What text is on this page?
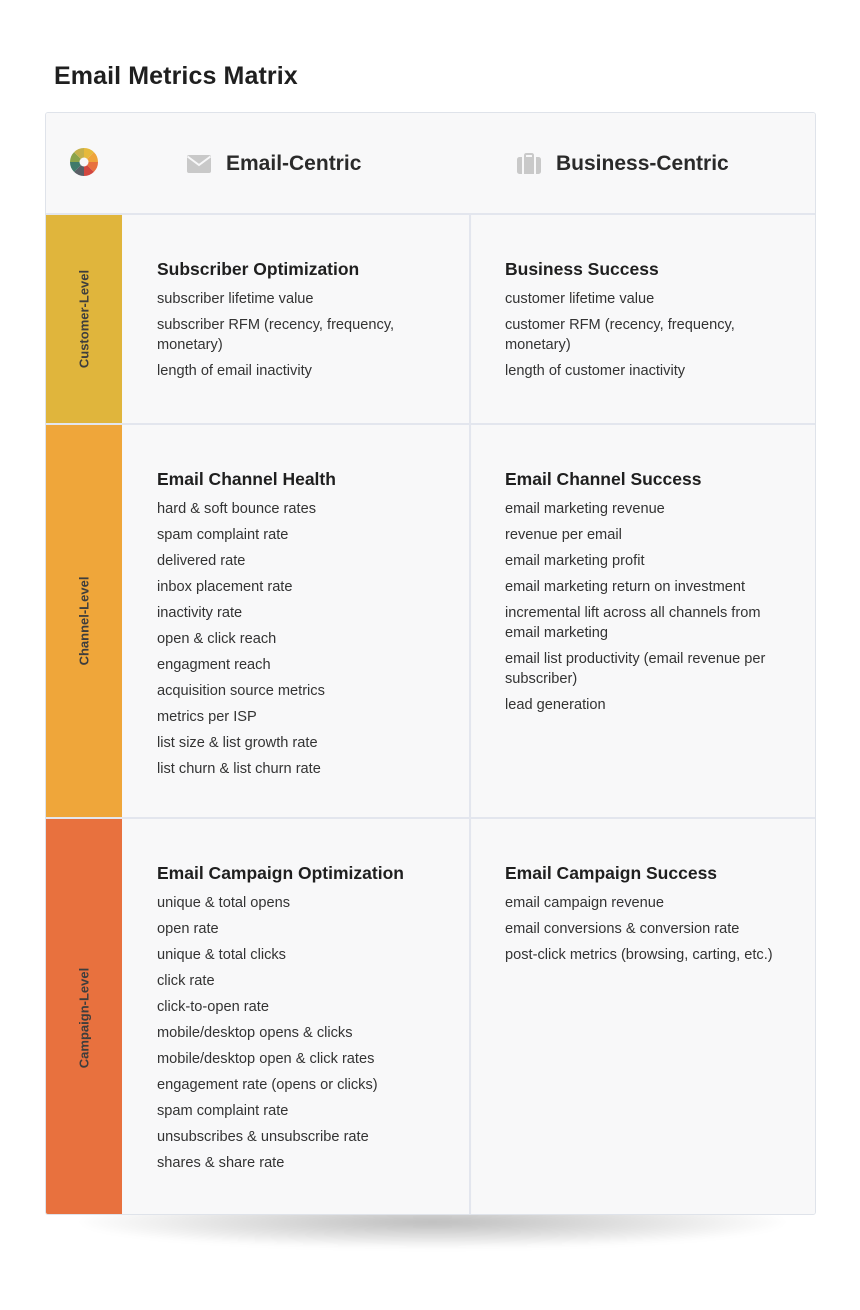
Email Metrics Matrix
Email-Centric	Business-Centric
Customer-Level
Subscriber Optimization
subscriber lifetime value
subscriber RFM (recency, frequency, monetary)
length of email inactivity
Business Success
customer lifetime value
customer RFM (recency, frequency, monetary)
length of customer inactivity
Channel-Level
Email Channel Health
hard & soft bounce rates
spam complaint rate
delivered rate
inbox placement rate
inactivity rate
open & click reach
engagment reach
acquisition source metrics
metrics per ISP
list size & list growth rate
list churn & list churn rate
Email Channel Success
email marketing revenue
revenue per email
email marketing profit
email marketing return on investment
incremental lift across all channels from email marketing
email list productivity (email revenue per subscriber)
lead generation
Campaign-Level
Email Campaign Optimization
unique & total opens
open rate
unique & total clicks
click rate
click-to-open rate
mobile/desktop opens & clicks
mobile/desktop open & click rates
engagement rate (opens or clicks)
spam complaint rate
unsubscribes & unsubscribe rate
shares & share rate
Email Campaign Success
email campaign revenue
email conversions & conversion rate
post-click metrics (browsing, carting, etc.)
